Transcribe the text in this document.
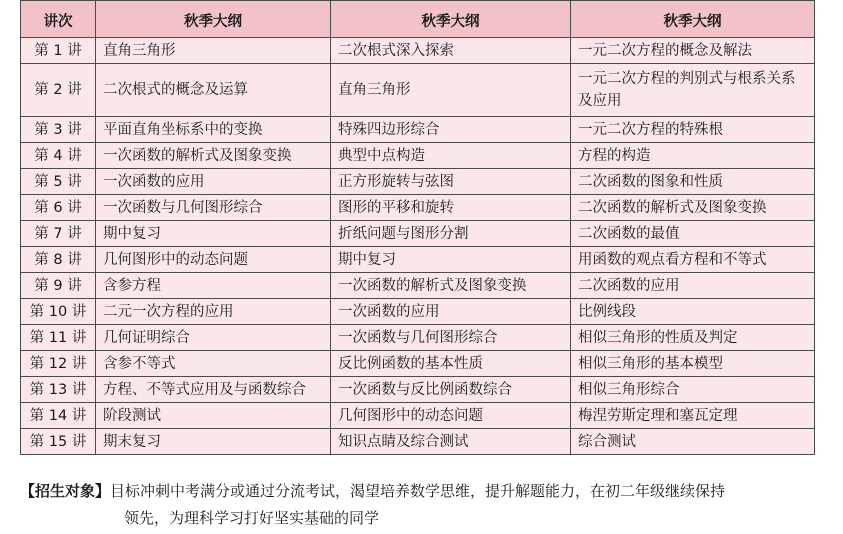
讲次	秋季大纲	秋季大纲	秋季大纲
第 1 讲	直角三角形	二次根式深入探索	一元二次方程的概念及解法
第 2 讲	二次根式的概念及运算	直角三角形	一元二次方程的判别式与根系关系及应用
第 3 讲	平面直角坐标系中的变换	特殊四边形综合	一元二次方程的特殊根
第 4 讲	一次函数的解析式及图象变换	典型中点构造	方程的构造
第 5 讲	一次函数的应用	正方形旋转与弦图	二次函数的图象和性质
第 6 讲	一次函数与几何图形综合	图形的平移和旋转	二次函数的解析式及图象变换
第 7 讲	期中复习	折纸问题与图形分割	二次函数的最值
第 8 讲	几何图形中的动态问题	期中复习	用函数的观点看方程和不等式
第 9 讲	含参方程	一次函数的解析式及图象变换	二次函数的应用
第 10 讲	二元一次方程的应用	一次函数的应用	比例线段
第 11 讲	几何证明综合	一次函数与几何图形综合	相似三角形的性质及判定
第 12 讲	含参不等式	反比例函数的基本性质	相似三角形的基本模型
第 13 讲	方程、不等式应用及与函数综合	一次函数与反比例函数综合	相似三角形综合
第 14 讲	阶段测试	几何图形中的动态问题	梅涅劳斯定理和塞瓦定理
第 15 讲	期末复习	知识点睛及综合测试	综合测试
【招生对象】目标冲刺中考满分或通过分流考试，渴望培养数学思维，提升解题能力，在初二年级继续保持
领先，为理科学习打好坚实基础的同学
